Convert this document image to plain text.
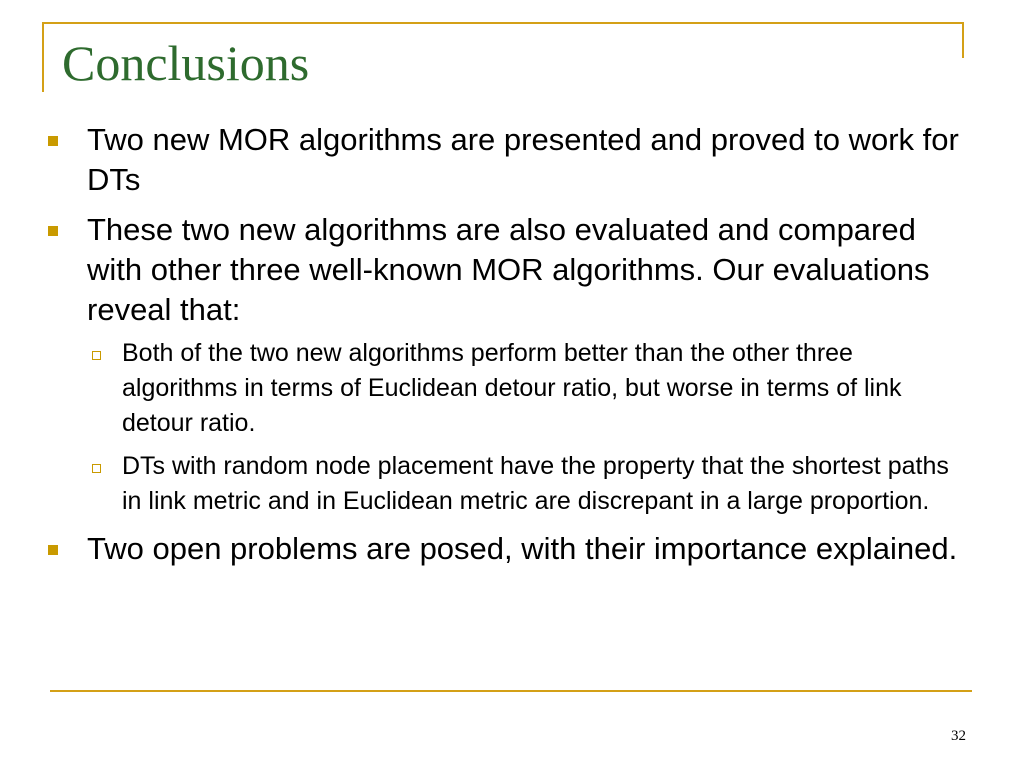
Conclusions
Two new MOR algorithms are presented and proved to work for DTs
These two new algorithms are also evaluated and compared with other three well-known MOR algorithms. Our evaluations reveal that:
Both of the two new algorithms perform better than the other three algorithms in terms of Euclidean detour ratio, but worse in terms of link detour ratio.
DTs with random node placement have the property that the shortest paths in link metric and in Euclidean metric are discrepant in a large proportion.
Two open problems are posed, with their importance explained.
32
